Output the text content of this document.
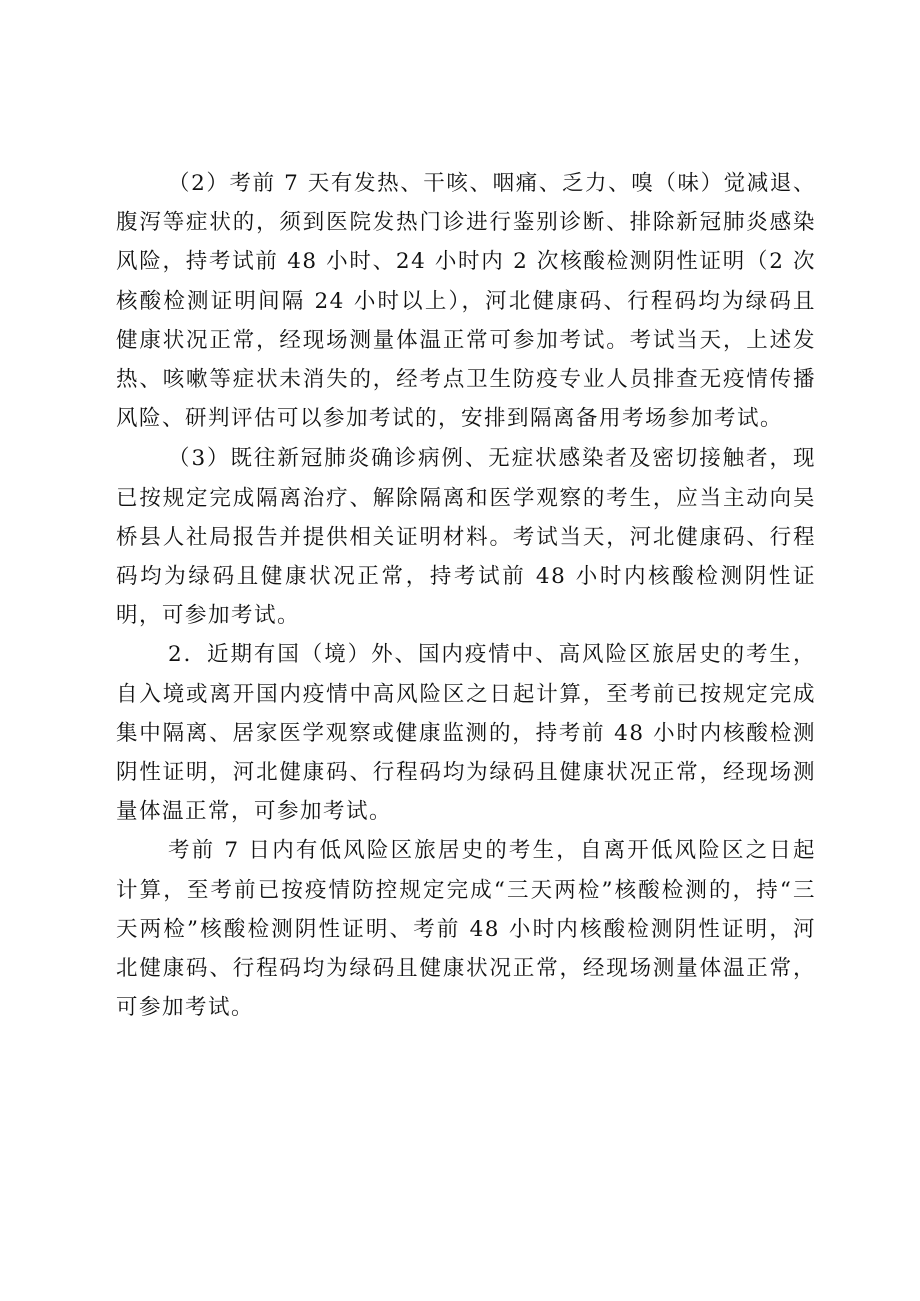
（2）考前 7 天有发热、干咳、咽痛、乏力、嗅（味）觉减退、腹泻等症状的，须到医院发热门诊进行鉴别诊断、排除新冠肺炎感染风险，持考试前 48 小时、24 小时内 2 次核酸检测阴性证明（2 次核酸检测证明间隔 24 小时以上），河北健康码、行程码均为绿码且健康状况正常，经现场测量体温正常可参加考试。考试当天，上述发热、咳嗽等症状未消失的，经考点卫生防疫专业人员排查无疫情传播风险、研判评估可以参加考试的，安排到隔离备用考场参加考试。

（3）既往新冠肺炎确诊病例、无症状感染者及密切接触者，现已按规定完成隔离治疗、解除隔离和医学观察的考生，应当主动向吴桥县人社局报告并提供相关证明材料。考试当天，河北健康码、行程码均为绿码且健康状况正常，持考试前 48 小时内核酸检测阴性证明，可参加考试。

2．近期有国（境）外、国内疫情中、高风险区旅居史的考生，自入境或离开国内疫情中高风险区之日起计算，至考前已按规定完成集中隔离、居家医学观察或健康监测的，持考前 48 小时内核酸检测阴性证明，河北健康码、行程码均为绿码且健康状况正常，经现场测量体温正常，可参加考试。

考前 7 日内有低风险区旅居史的考生，自离开低风险区之日起计算，至考前已按疫情防控规定完成“三天两检”核酸检测的，持“三天两检”核酸检测阴性证明、考前 48 小时内核酸检测阴性证明，河北健康码、行程码均为绿码且健康状况正常，经现场测量体温正常，可参加考试。
